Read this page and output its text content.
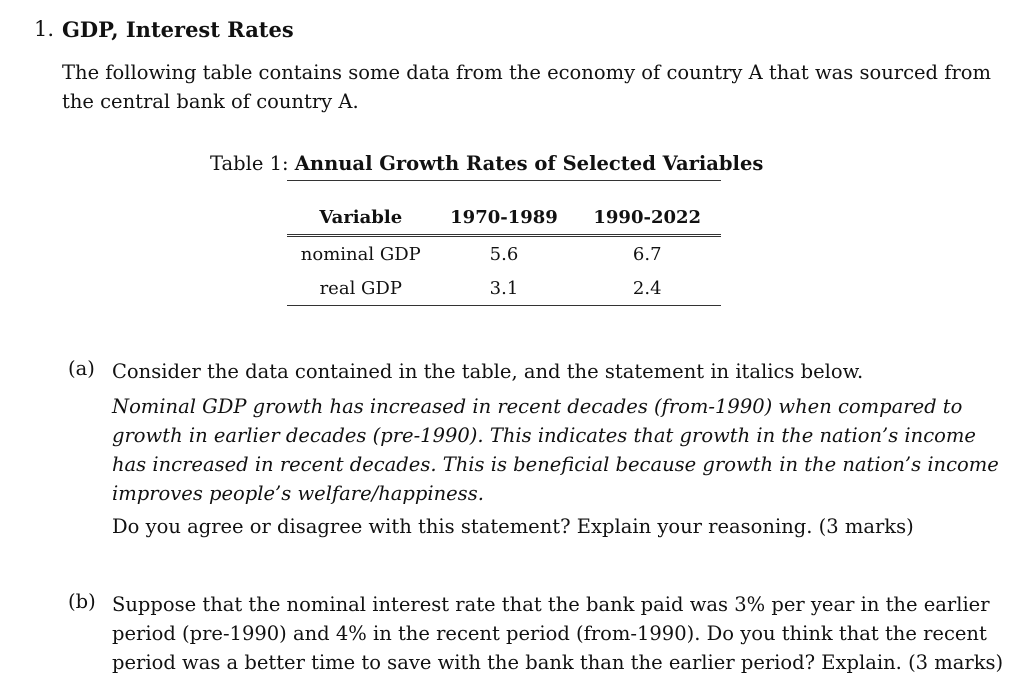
1. GDP, Interest Rates
The following table contains some data from the economy of country A that was sourced from the central bank of country A.
Table 1: Annual Growth Rates of Selected Variables
Variable	1970-1989	1990-2022
nominal GDP	5.6	6.7
real GDP	3.1	2.4
(a) Consider the data contained in the table, and the statement in italics below.
Nominal GDP growth has increased in recent decades (from-1990) when compared to growth in earlier decades (pre-1990). This indicates that growth in the nation’s income has increased in recent decades. This is beneficial because growth in the nation’s income improves people’s welfare/happiness.
Do you agree or disagree with this statement? Explain your reasoning. (3 marks)
(b) Suppose that the nominal interest rate that the bank paid was 3% per year in the earlier period (pre-1990) and 4% in the recent period (from-1990). Do you think that the recent period was a better time to save with the bank than the earlier period? Explain. (3 marks)
